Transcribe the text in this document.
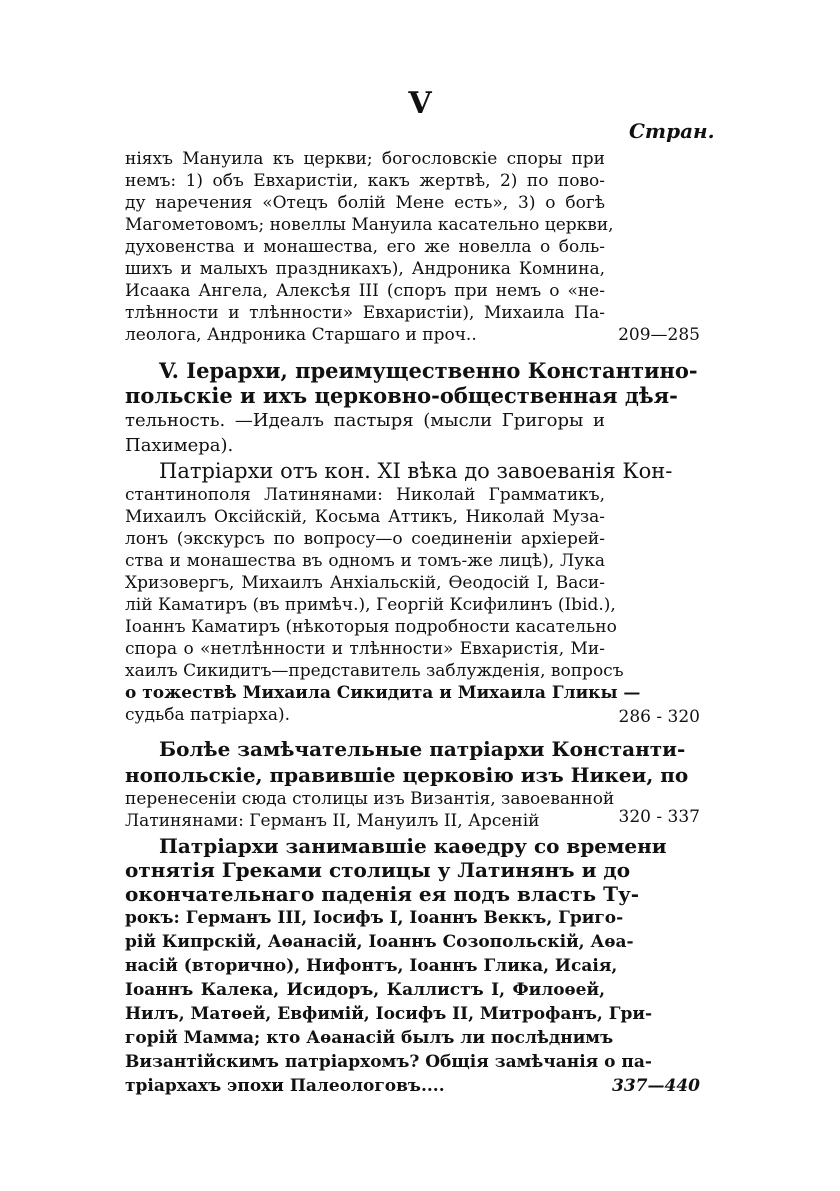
V
Стран.
ніяхъ Мануила къ церкви; богословскіе споры при
немъ: 1) объ Евхаристіи, какъ жертвѣ, 2) по пово-
ду наречения «Отецъ болій Мене есть», 3) о богѣ
Магометовомъ; новеллы Мануила касательно церкви,
духовенства и монашества, его же новелла о боль-
шихъ и малыхъ праздникахъ), Андроника Комнина,
Исаака Ангела, Алексѣя III (споръ при немъ о «не-
тлѣнности и тлѣнности» Евхаристіи), Михаила Па-
леолога, Андроника Старшаго и проч..	209—285
V. Іерархи, преимущественно Константино-
польскіе и ихъ церковно-общественная дѣя-
тельность. —Идеалъ пастыря (мысли Григоры и
Пахимера).
Патріархи отъ кон. XI вѣка до завоеванія Кон-
стантинополя Латинянами: Николай Грамматикъ,
Михаилъ Оксійскій, Косьма Аттикъ, Николай Муза-
лонъ (экскурсъ по вопросу—о соединеніи архіерей-
ства и монашества въ одномъ и томъ-же лицѣ), Лука
Хризовергъ, Михаилъ Анхіальскій, Ѳеодосій I, Васи-
лій Каматиръ (въ примѣч.), Георгій Ксифилинъ (Ibid.),
Іоаннъ Каматиръ (нѣкоторыя подробности касательно
спора о «нетлѣнности и тлѣнности» Евхаристія, Ми-
хаилъ Сикидитъ—представитель заблужденія, вопросъ
о тожествѣ Михаила Сикидита и Михаила Гликы —
судьба патріарха).	286 - 320
Болѣе замѣчательные патріархи Константи-
нопольскіе, правившіе церковію изъ Никеи, по
перенесеніи сюда столицы изъ Византія, завоеванной
Латинянами: Германъ II, Мануилъ II, Арсеній	320 - 337
Патріархи занимавшіе каѳедру со времени
отнятія Греками столицы у Латинянъ и до
окончательнаго паденія ея подъ власть Ту-
рокъ: Германъ III, Іосифъ I, Іоаннъ Веккъ, Григо-
рій Кипрскій, Аѳанасій, Іоаннъ Созопольскій, Аѳа-
насій (вторично), Нифонтъ, Іоаннъ Глика, Исаія,
Іоаннъ Калека, Исидоръ, Каллистъ I, Филоѳей,
Нилъ, Матѳей, Евфимій, Іосифъ II, Митрофанъ, Гри-
горій Мамма; кто Аѳанасій былъ ли послѣднимъ
Византійскимъ патріархомъ? Общія замѣчанія о па-
тріархахъ эпохи Палеологовъ....	337—440
